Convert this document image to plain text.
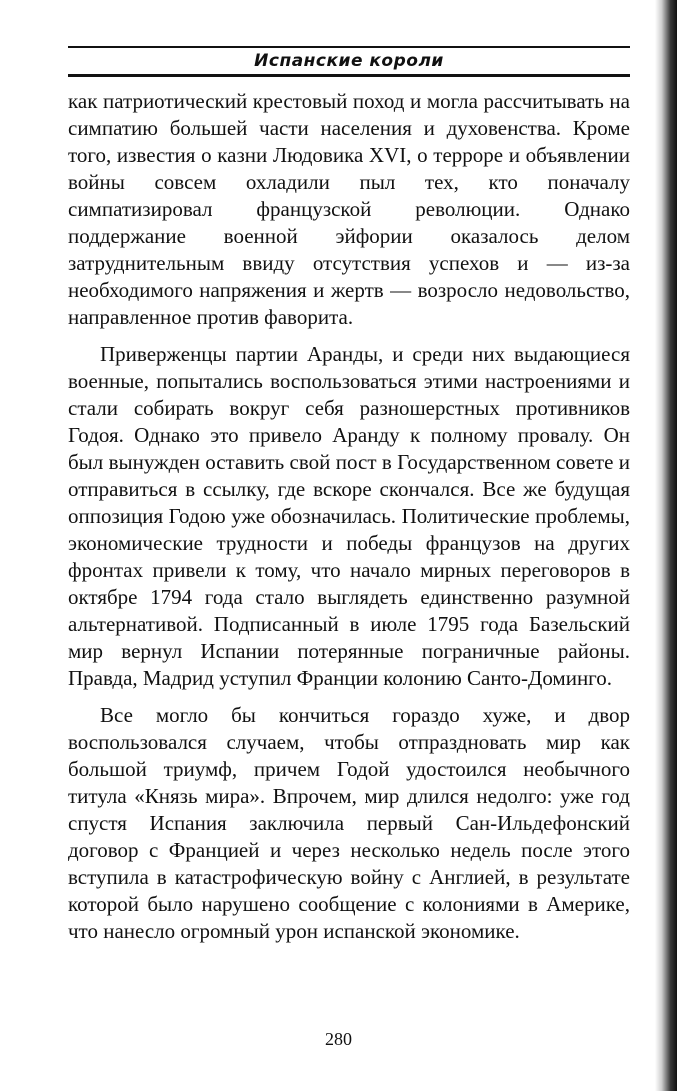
Испанские короли

как патриотический крестовый поход и могла рассчитывать на симпатию большей части населения и духовенства. Кроме того, известия о казни Людовика XVI, о терроре и объявлении войны совсем охладили пыл тех, кто поначалу симпатизировал французской революции. Однако поддержание военной эйфории оказалось делом затруднительным ввиду отсутствия успехов и — из-за необходимого напряжения и жертв — возросло недовольство, направленное против фаворита.

Приверженцы партии Аранды, и среди них выдающиеся военные, попытались воспользоваться этими настроениями и стали собирать вокруг себя разношерстных противников Годоя. Однако это привело Аранду к полному провалу. Он был вынужден оставить свой пост в Государственном совете и отправиться в ссылку, где вскоре скончался. Все же будущая оппозиция Годою уже обозначилась. Политические проблемы, экономические трудности и победы французов на других фронтах привели к тому, что начало мирных переговоров в октябре 1794 года стало выглядеть единственно разумной альтернативой. Подписанный в июле 1795 года Базельский мир вернул Испании потерянные пограничные районы. Правда, Мадрид уступил Франции колонию Санто-Доминго.

Все могло бы кончиться гораздо хуже, и двор воспользовался случаем, чтобы отпраздновать мир как большой триумф, причем Годой удостоился необычного титула «Князь мира». Впрочем, мир длился недолго: уже год спустя Испания заключила первый Сан-Ильдефонский договор с Францией и через несколько недель после этого вступила в катастрофическую войну с Англией, в результате которой было нарушено сообщение с колониями в Америке, что нанесло огромный урон испанской экономике.

280
